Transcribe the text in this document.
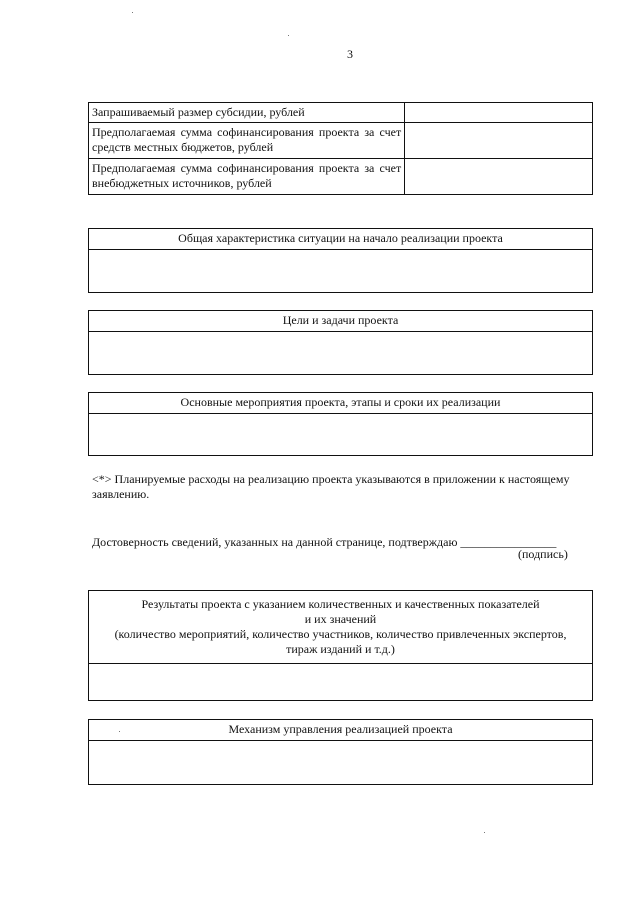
3
Запрашиваемый размер субсидии, рублей	
Предполагаемая сумма софинансирования проекта за счет средств местных бюджетов, рублей	
Предполагаемая сумма софинансирования проекта за счет внебюджетных источников, рублей	
Общая характеристика ситуации на начало реализации проекта
Цели и задачи проекта
Основные мероприятия проекта, этапы и сроки их реализации
<*> Планируемые расходы на реализацию проекта указываются в приложении к настоящему заявлению.
Достоверность сведений, указанных на данной странице, подтверждаю ________________
(подпись)
Результаты проекта с указанием количественных и качественных показателей
и их значений
(количество мероприятий, количество участников, количество привлеченных экспертов,
тираж изданий и т.д.)
Механизм управления реализацией проекта
